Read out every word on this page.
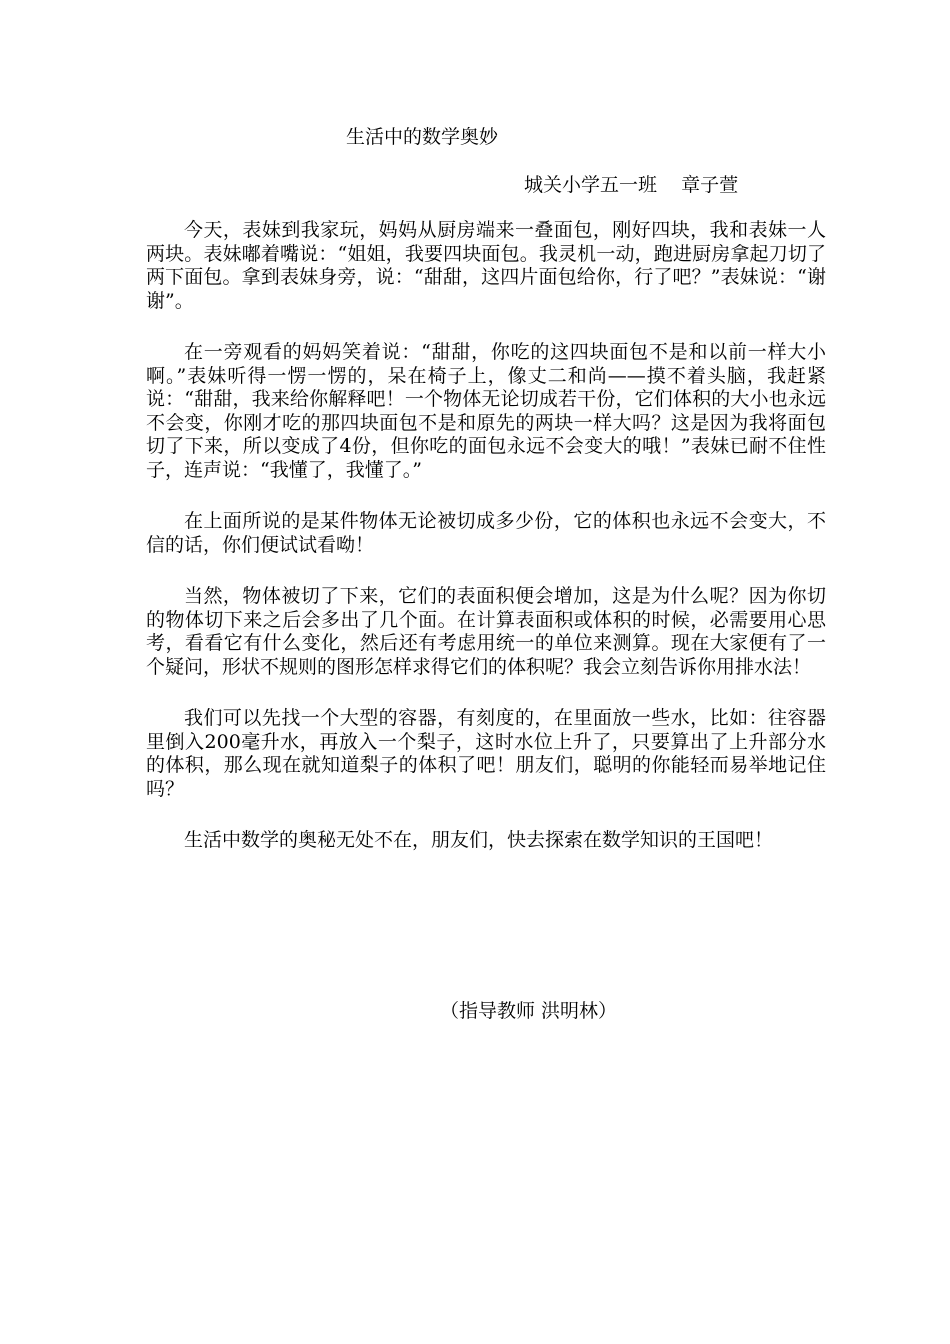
生活中的数学奥妙
城关小学五一班    章子萱

今天，表妹到我家玩，妈妈从厨房端来一叠面包，刚好四块，我和表妹一人两块。表妹嘟着嘴说：“姐姐，我要四块面包。我灵机一动，跑进厨房拿起刀切了两下面包。拿到表妹身旁，说：“甜甜，这四片面包给你，行了吧？”表妹说：“谢谢”。

在一旁观看的妈妈笑着说：“甜甜，你吃的这四块面包不是和以前一样大小啊。”表妹听得一愣一愣的，呆在椅子上，像丈二和尚——摸不着头脑，我赶紧说：“甜甜，我来给你解释吧！一个物体无论切成若干份，它们体积的大小也永远不会变，你刚才吃的那四块面包不是和原先的两块一样大吗？这是因为我将面包切了下来，所以变成了4份，但你吃的面包永远不会变大的哦！”表妹已耐不住性子，连声说：“我懂了，我懂了。”

在上面所说的是某件物体无论被切成多少份，它的体积也永远不会变大，不信的话，你们便试试看呦！

当然，物体被切了下来，它们的表面积便会增加，这是为什么呢？因为你切的物体切下来之后会多出了几个面。在计算表面积或体积的时候，必需要用心思考，看看它有什么变化，然后还有考虑用统一的单位来测算。现在大家便有了一个疑问，形状不规则的图形怎样求得它们的体积呢？我会立刻告诉你用排水法！

我们可以先找一个大型的容器，有刻度的，在里面放一些水，比如：往容器里倒入200毫升水，再放入一个梨子，这时水位上升了，只要算出了上升部分水的体积，那么现在就知道梨子的体积了吧！朋友们，聪明的你能轻而易举地记住吗？

生活中数学的奥秘无处不在，朋友们，快去探索在数学知识的王国吧！

（指导教师 洪明林）
